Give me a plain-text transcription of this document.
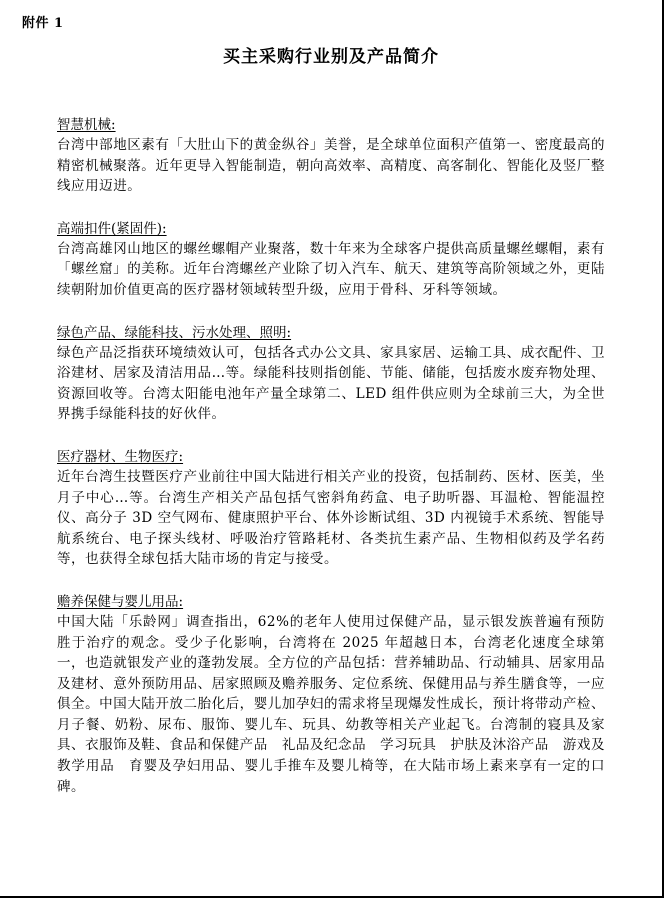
附件 1
买主采购行业别及产品简介
智慧机械:
台湾中部地区素有「大肚山下的黄金纵谷」美誉，是全球单位面积产值第一、密度最高的精密机械聚落。近年更导入智能制造，朝向高效率、高精度、高客制化、智能化及竖厂整线应用迈进。
高端扣件(紧固件):
台湾高雄冈山地区的螺丝螺帽产业聚落，数十年来为全球客户提供高质量螺丝螺帽，素有「螺丝窟」的美称。近年台湾螺丝产业除了切入汽车、航天、建筑等高阶领域之外，更陆续朝附加价值更高的医疗器材领域转型升级，应用于骨科、牙科等领域。
绿色产品、绿能科技、污水处理、照明:
绿色产品泛指获环境绩效认可，包括各式办公文具、家具家居、运输工具、成衣配件、卫浴建材、居家及清洁用品…等。绿能科技则指创能、节能、储能，包括废水废弃物处理、资源回收等。台湾太阳能电池年产量全球第二、LED 组件供应则为全球前三大，为全世界携手绿能科技的好伙伴。
医疗器材、生物医疗:
近年台湾生技暨医疗产业前往中国大陆进行相关产业的投资，包括制药、医材、医美，坐月子中心…等。台湾生产相关产品包括气密斜角药盒、电子助听器、耳温枪、智能温控仪、高分子 3D 空气网布、健康照护平台、体外诊断试组、3D 内视镜手术系统、智能导航系统台、电子探头线材、呼吸治疗管路耗材、各类抗生素产品、生物相似药及学名药等，也获得全球包括大陆市场的肯定与接受。
赡养保健与婴儿用品:
中国大陆「乐龄网」调查指出，62%的老年人使用过保健产品，显示银发族普遍有预防胜于治疗的观念。受少子化影响，台湾将在 2025 年超越日本，台湾老化速度全球第一，也造就银发产业的蓬勃发展。全方位的产品包括：营养辅助品、行动辅具、居家用品及建材、意外预防用品、居家照顾及赡养服务、定位系统、保健用品与养生膳食等，一应俱全。中国大陆开放二胎化后，婴儿加孕妇的需求将呈现爆发性成长，预计将带动产检、月子餐、奶粉、尿布、服饰、婴儿车、玩具、幼教等相关产业起飞。台湾制的寝具及家具、衣服饰及鞋、食品和保健产品　礼品及纪念品　学习玩具　护肤及沐浴产品　游戏及教学用品　育婴及孕妇用品、婴儿手推车及婴儿椅等，在大陆市场上素来享有一定的口碑。
